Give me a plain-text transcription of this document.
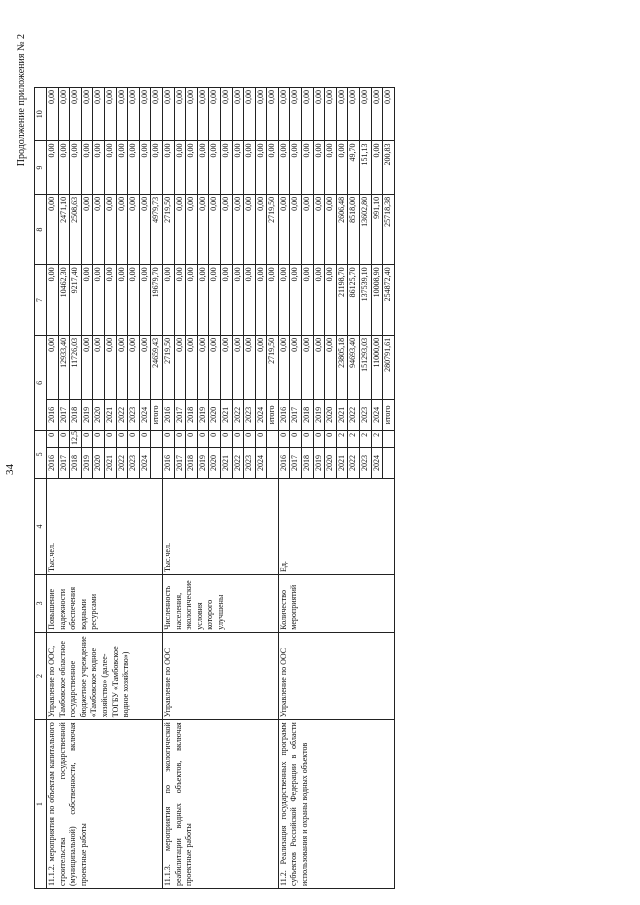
34
Продолжение приложения № 2
1	2	3	4	5		6		7	8	9	10
11.1.2. мероприятия по объектам капитального строительства государственной (муниципальной) собственности, включая проектные работы	Управление по ООС, Тамбовское областное государственное бюджетное учреждение «Тамбовское водное хозяйство» (далее- ТОГБУ «Тамбовское водное хозяйство»)	Повышение надежности обеспечения водными ресурсами	Тыс.чел.	2016	0	2016	0,00	0,00	0,00	0,00	0,00
				2017	0	2017	12933,40	10462,30	2471,10	0,00	0,00
				2018	12,5	2018	11726,03	9217,40	2508,63	0,00	0,00
				2019	0	2019	0,00	0,00	0,00	0,00	0,00
				2020	0	2020	0,00	0,00	0,00	0,00	0,00
				2021	0	2021	0,00	0,00	0,00	0,00	0,00
				2022	0	2022	0,00	0,00	0,00	0,00	0,00
				2023	0	2023	0,00	0,00	0,00	0,00	0,00
				2024	0	2024	0,00	0,00	0,00	0,00	0,00
						итого	24659,43	19679,70	4979,73	0,00	0,00
11.1.3. мероприятия по экологической реабилитации водных объектов, включая проектные работы	Управление по ООС	Численность населения, экологические условия которого улучшены	Тыс.чел.	2016	0	2016	2719,50	0,00	2719,50	0,00	0,00
				2017	0	2017	0,00	0,00	0,00	0,00	0,00
				2018	0	2018	0,00	0,00	0,00	0,00	0,00
				2019	0	2019	0,00	0,00	0,00	0,00	0,00
				2020	0	2020	0,00	0,00	0,00	0,00	0,00
				2021	0	2021	0,00	0,00	0,00	0,00	0,00
				2022	0	2022	0,00	0,00	0,00	0,00	0,00
				2023	0	2023	0,00	0,00	0,00	0,00	0,00
				2024	0	2024	0,00	0,00	0,00	0,00	0,00
						итого	2719,50	0,00	2719,50	0,00	0,00
11.2. Реализация государственных программ субъектов Российской Федерации в области использования и охраны водных объектов	Управление по ООС	Количество мероприятий	Ед.	2016	0	2016	0,00	0,00	0,00	0,00	0,00
				2017	0	2017	0,00	0,00	0,00	0,00	0,00
				2018	0	2018	0,00	0,00	0,00	0,00	0,00
				2019	0	2019	0,00	0,00	0,00	0,00	0,00
				2020	0	2020	0,00	0,00	0,00	0,00	0,00
				2021	2	2021	23805,18	21198,70	2606,48	0,00	0,00
				2022	2	2022	94693,40	86125,70	8518,00	49,70	0,00
				2023	2	2023	151293,03	137539,10	13602,80	151,13	0,00
				2024	2	2024	11000,00	10008,90	991,10	0,00	0,00
						итого	280791,61	254872,40	25718,38	200,83	0,00
